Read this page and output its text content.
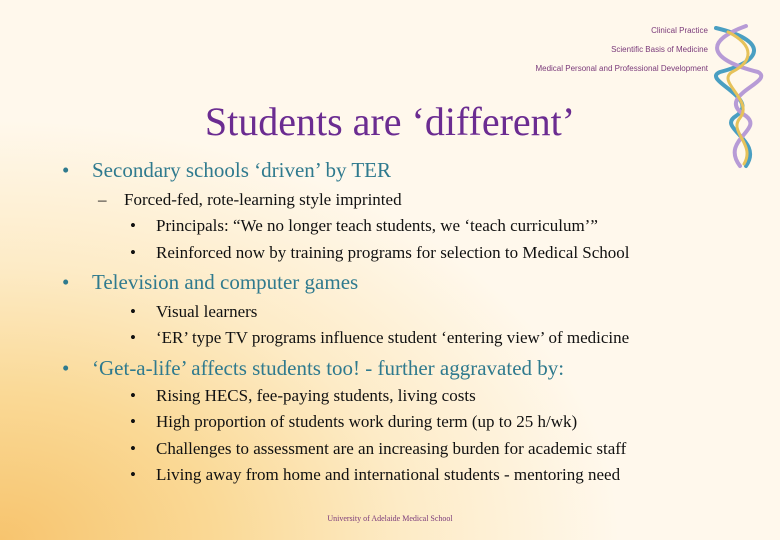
Clinical Practice
Scientific Basis of Medicine
Medical Personal and Professional Development
Students are ‘different’
• Secondary schools ‘driven’ by TER
– Forced-fed, rote-learning style imprinted
• Principals: “We no longer teach students, we ‘teach curriculum’”
• Reinforced now by training programs for selection to Medical School
• Television and computer games
• Visual learners
• ‘ER’ type TV programs influence student ‘entering view’ of medicine
• ‘Get-a-life’ affects students too! - further aggravated by:
• Rising HECS, fee-paying students, living costs
• High proportion of students work during term (up to 25 h/wk)
• Challenges to assessment are an increasing burden for academic staff
• Living away from home and international students - mentoring need
University of Adelaide Medical School
